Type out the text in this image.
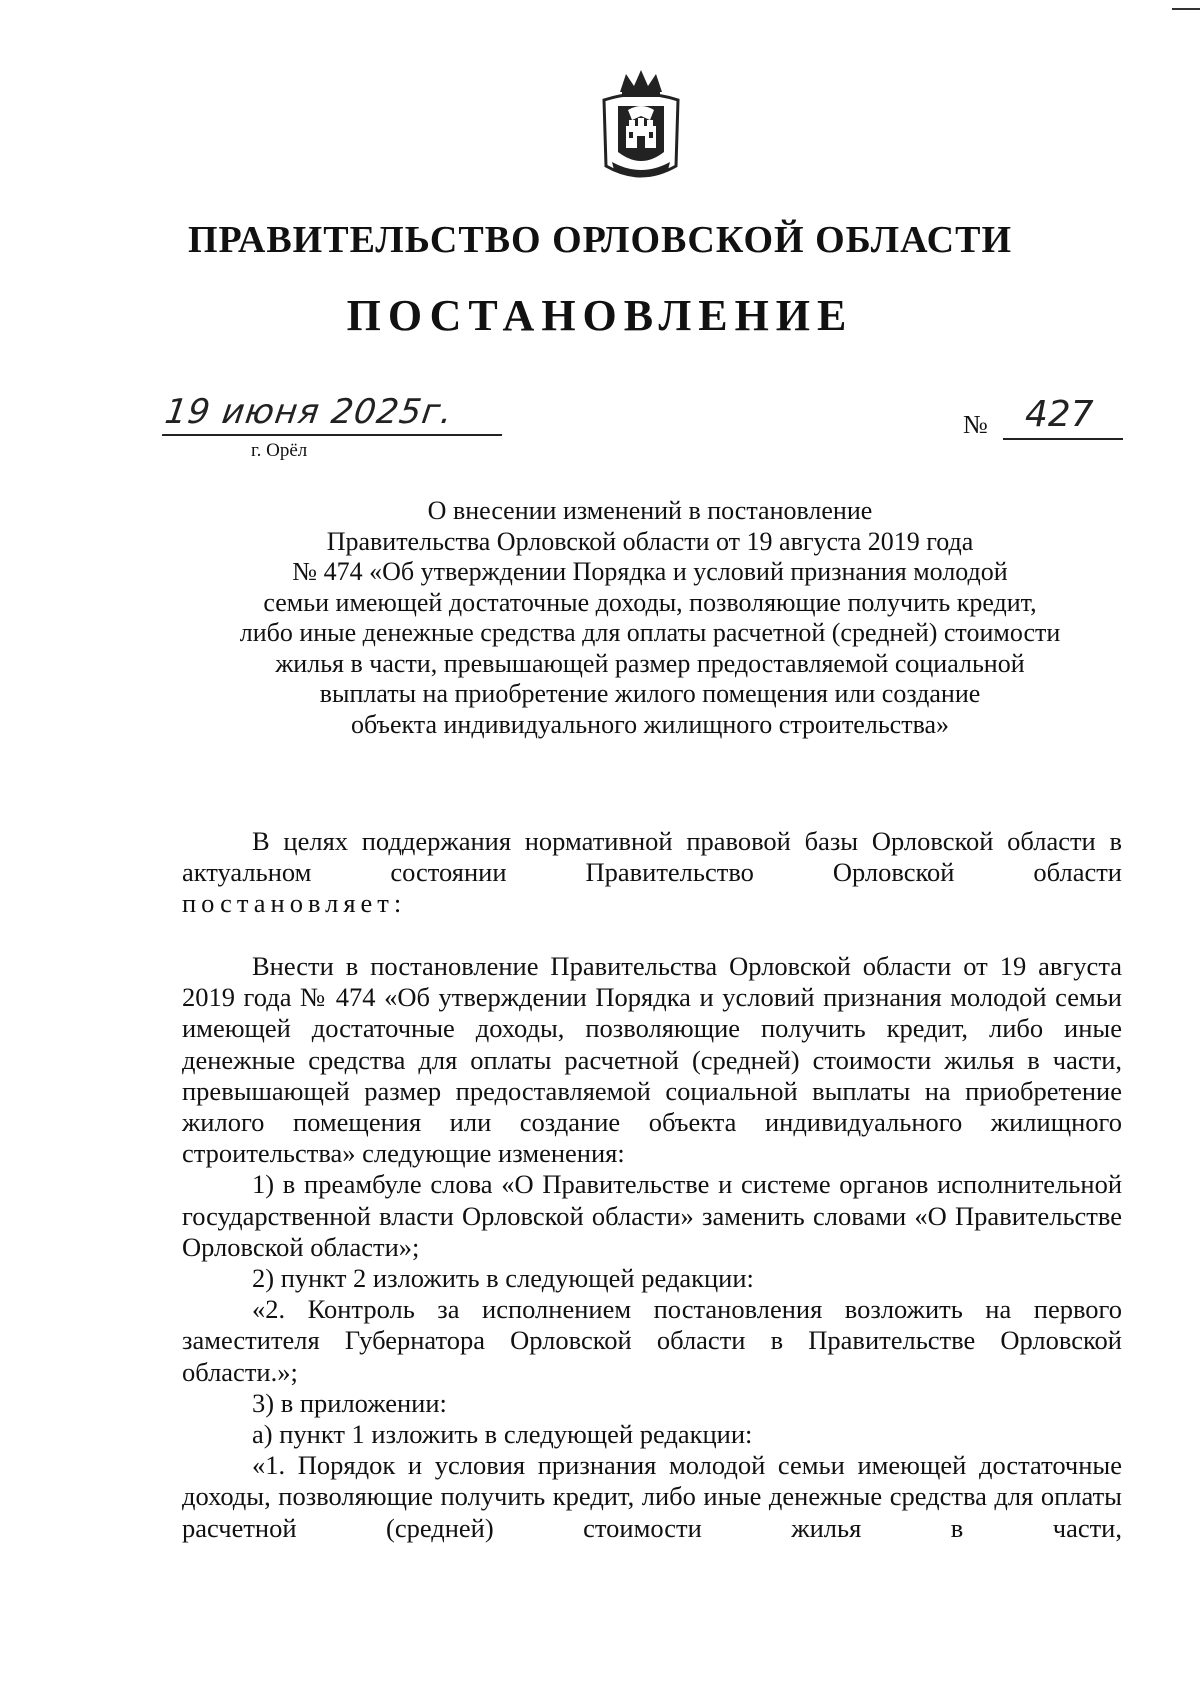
ПРАВИТЕЛЬСТВО ОРЛОВСКОЙ ОБЛАСТИ
ПОСТАНОВЛЕНИЕ
19 июня 2025г.
г. Орёл
№	427
О внесении изменений в постановление
Правительства Орловской области от 19 августа 2019 года
№ 474 «Об утверждении Порядка и условий признания молодой
семьи имеющей достаточные доходы, позволяющие получить кредит,
либо иные денежные средства для оплаты расчетной (средней) стоимости
жилья в части, превышающей размер предоставляемой социальной
выплаты на приобретение жилого помещения или создание
объекта индивидуального жилищного строительства»
В целях поддержания нормативной правовой базы Орловской области в актуальном состоянии Правительство Орловской области
постановляет:
Внести в постановление Правительства Орловской области от 19 августа 2019 года № 474 «Об утверждении Порядка и условий признания молодой семьи имеющей достаточные доходы, позволяющие получить кредит, либо иные денежные средства для оплаты расчетной (средней) стоимости жилья в части, превышающей размер предоставляемой социальной выплаты на приобретение жилого помещения или создание объекта индивидуального жилищного строительства» следующие изменения:
1) в преамбуле слова «О Правительстве и системе органов исполнительной государственной власти Орловской области» заменить словами «О Правительстве Орловской области»;
2) пункт 2 изложить в следующей редакции:
«2. Контроль за исполнением постановления возложить на первого заместителя Губернатора Орловской области в Правительстве Орловской области.»;
3) в приложении:
а) пункт 1 изложить в следующей редакции:
«1. Порядок и условия признания молодой семьи имеющей достаточные доходы, позволяющие получить кредит, либо иные денежные средства для оплаты расчетной (средней) стоимости жилья в части,
